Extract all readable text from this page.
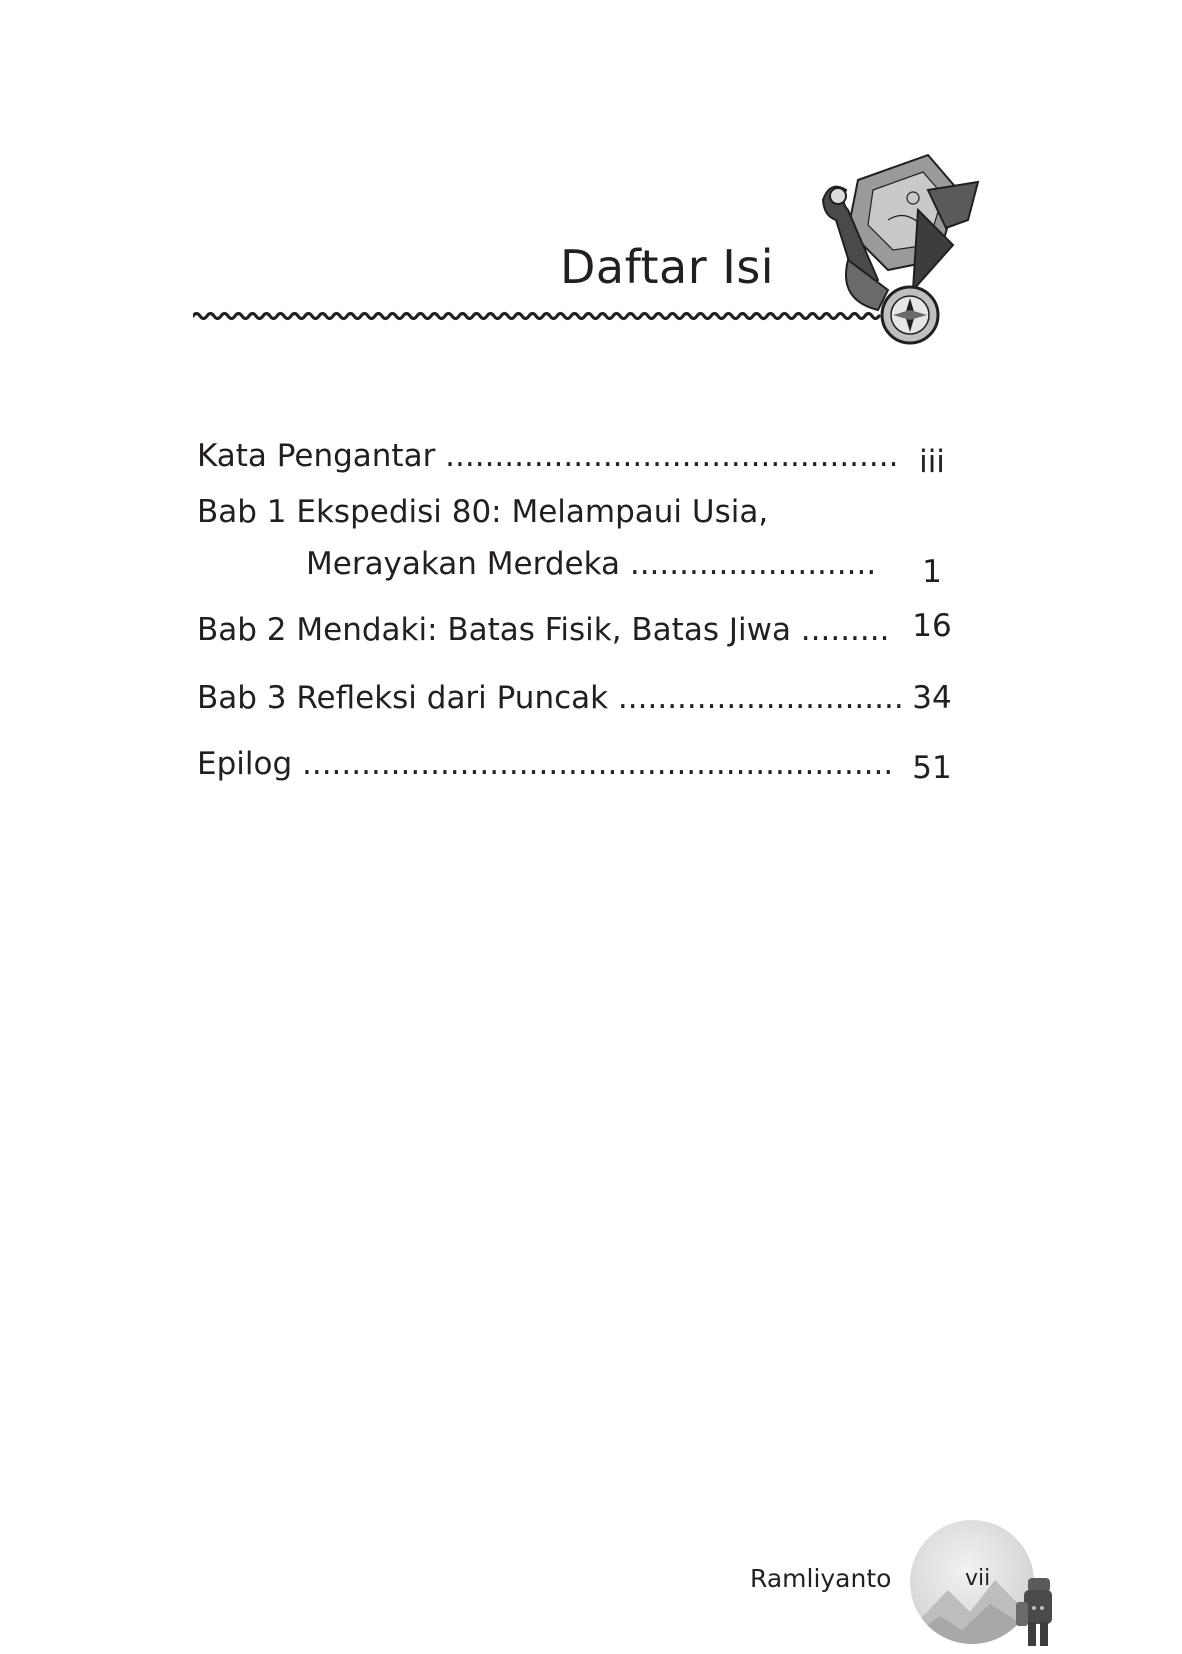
Daftar Isi
Kata Pengantar .............................................. iii
Bab 1 Ekspedisi 80: Melampaui Usia,
Merayakan Merdeka .........................	1
Bab 2 Mendaki: Batas Fisik, Batas Jiwa ......... 16
Bab 3 Refleksi dari Puncak ............................. 34
Epilog ............................................................ 51
Ramliyanto	vii
